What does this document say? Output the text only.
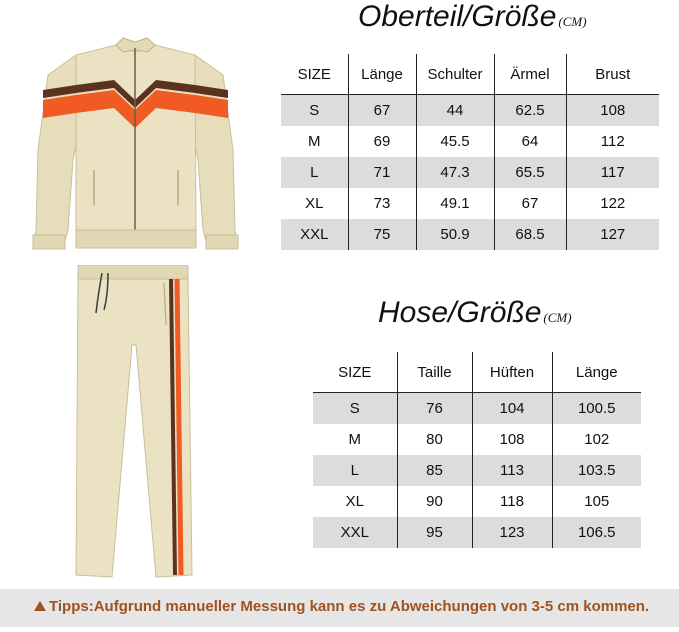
Oberteil/Größe (CM)
SIZE	Länge	Schulter	Ärmel	Brust
S	67	44	62.5	108
M	69	45.5	64	112
L	71	47.3	65.5	117
XL	73	49.1	67	122
XXL	75	50.9	68.5	127
Hose/Größe (CM)
SIZE	Taille	Hüften	Länge
S	76	104	100.5
M	80	108	102
L	85	113	103.5
XL	90	118	105
XXL	95	123	106.5
Tipps:Aufgrund manueller Messung kann es zu Abweichungen von 3-5 cm kommen.
